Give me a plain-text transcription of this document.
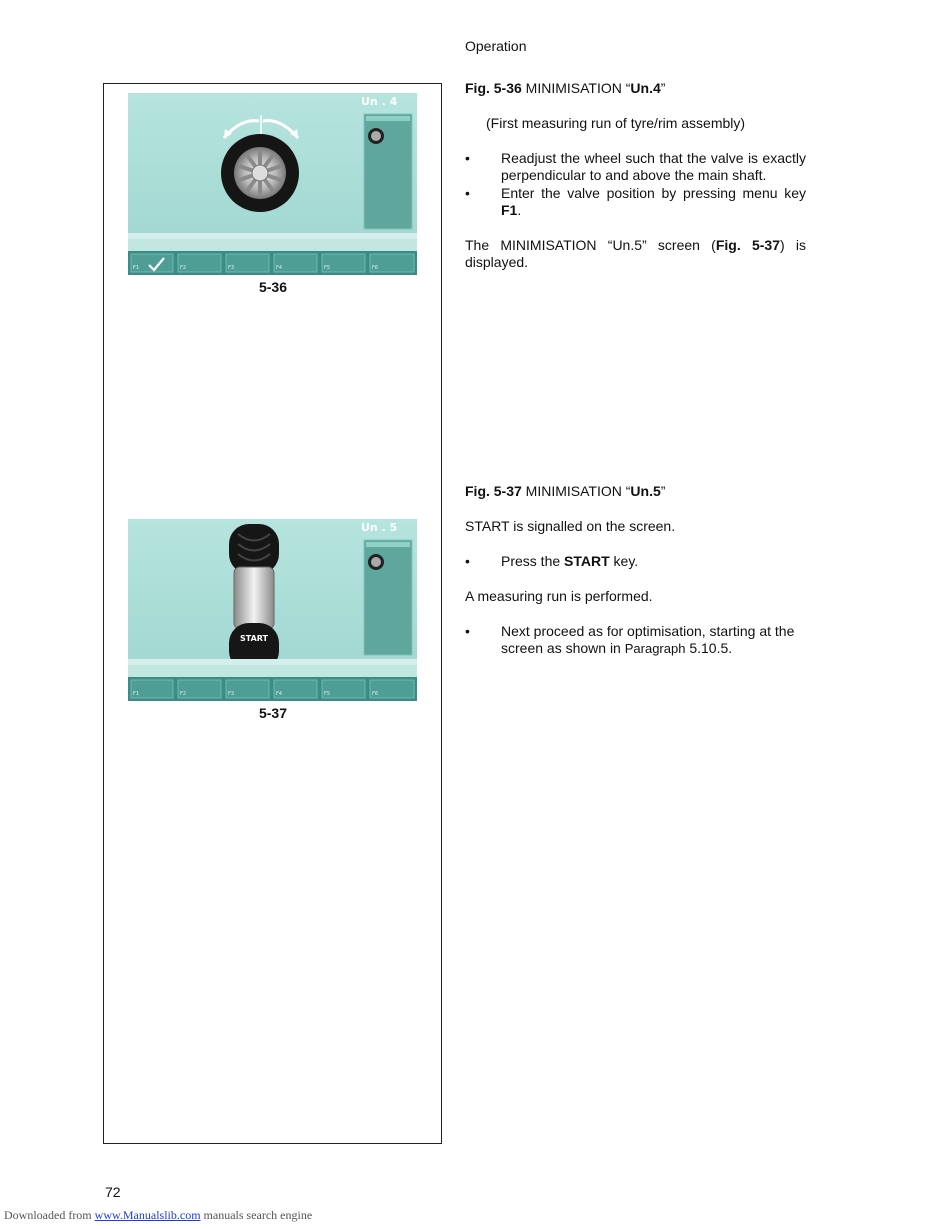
Operation
Un . 4
F1	F2	F3	F4	F5	F6
5-36
Un . 5
START
F1	F2	F3	F4	F5	F6
5-37
Fig. 5-36 MINIMISATION “Un.4”
(First measuring run of tyre/rim assembly)
• Readjust the wheel such that the valve is exactly perpendicular to and above the main shaft.
• Enter the valve position by pressing menu key F1.
The MINIMISATION “Un.5” screen (Fig. 5-37) is displayed.
Fig. 5-37 MINIMISATION “Un.5”
START is signalled on the screen.
• Press the START key.
A measuring run is performed.
• Next proceed as for optimisation, starting at the screen as shown in Paragraph 5.10.5.
72
Downloaded from www.Manualslib.com manuals search engine
